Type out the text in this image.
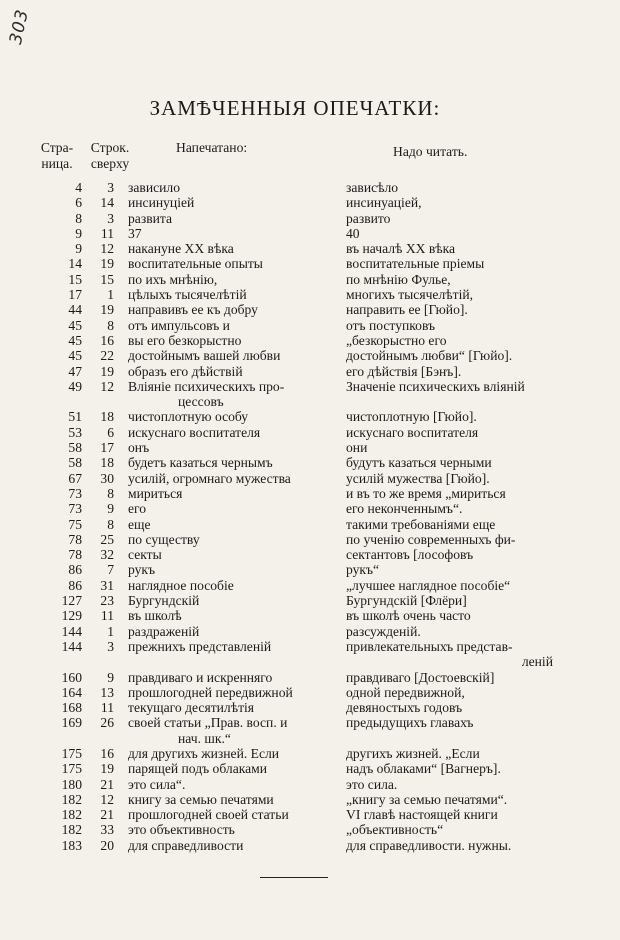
303
ЗАМѢЧЕННЫЯ ОПЕЧАТКИ:
Стра-
ница.
Строк.
сверху
Напечатано:	Надо читать.
4	3 зависило	зависѣло
6	14 инсинуцiей	инсинуацiей,
8	3 развита	развито
9	11 37	40
9	12 накануне XX вѣка	въ началѣ XX вѣка
14	19 воспитательные опыты	воспитательные прiемы
15	15 по ихъ мнѣнiю,	по мнѣнiю Фулье,
17	1 цѣлыхъ тысячелѣтiй	многихъ тысячелѣтiй,
44	19 направивъ ее къ добру	направить ее [Гюйо].
45	8 отъ импульсовъ и	отъ поступковъ
45	16 вы его безкорыстно	„безкорыстно его
45	22 достойнымъ вашей любви	достойнымъ любви“ [Гюйо].
47	19 образъ его дѣйствiй	его дѣйствiя [Бэнъ].
49	12 Влiянiе психическихъ про-	Значенiе психическихъ влiянiй
цессовъ
51	18 чистоплотную особу	чистоплотную [Гюйо].
53	6 искуснаго воспитателя	искуснаго воспитателя
58	17 онъ	они
58	18 будетъ казаться чернымъ	будутъ казаться черными
67	30 усилiй, огромнаго мужества	усилiй мужества [Гюйо].
73	8 мириться	и въ то же время „мириться
73	9 его	его неконченнымъ“.
75	8 еще	такими требованiями еще
78	25 по существу	по ученiю современныхъ фи-
78	32 секты	сектантовъ [лософовъ
86	7 рукъ	рукъ“
86	31 наглядное пособiе	„лучшее наглядное пособiе“
127	23 Бургундскiй	Бургундскiй [Флёри]
129	11 въ школѣ	въ школѣ очень часто
144	1 раздраженiй	разсужденiй.
144	3 прежнихъ представленiй	привлекательныхъ представ-
ленiй
160	9 правдиваго и искренняго	правдиваго [Достоевскiй]
164	13 прошлогодней передвижной	одной передвижной,
168	11 текущаго десятилѣтiя	девяностыхъ годовъ
169	26 своей статьи „Прав. восп. и	предыдущихъ главахъ
нач. шк.“
175	16 для другихъ жизней. Если	другихъ жизней. „Если
175	19 парящей подъ облаками	надъ облаками“ [Вагнеръ].
180	21 это сила“.	это сила.
182	12 книгу за семью печатями	„книгу за семью печатями“.
182	21 прошлогодней своей статьи	VI главѣ настоящей книги
182	33 это объективность	„объективность“
183	20 для справедливости	для справедливости. нужны.
